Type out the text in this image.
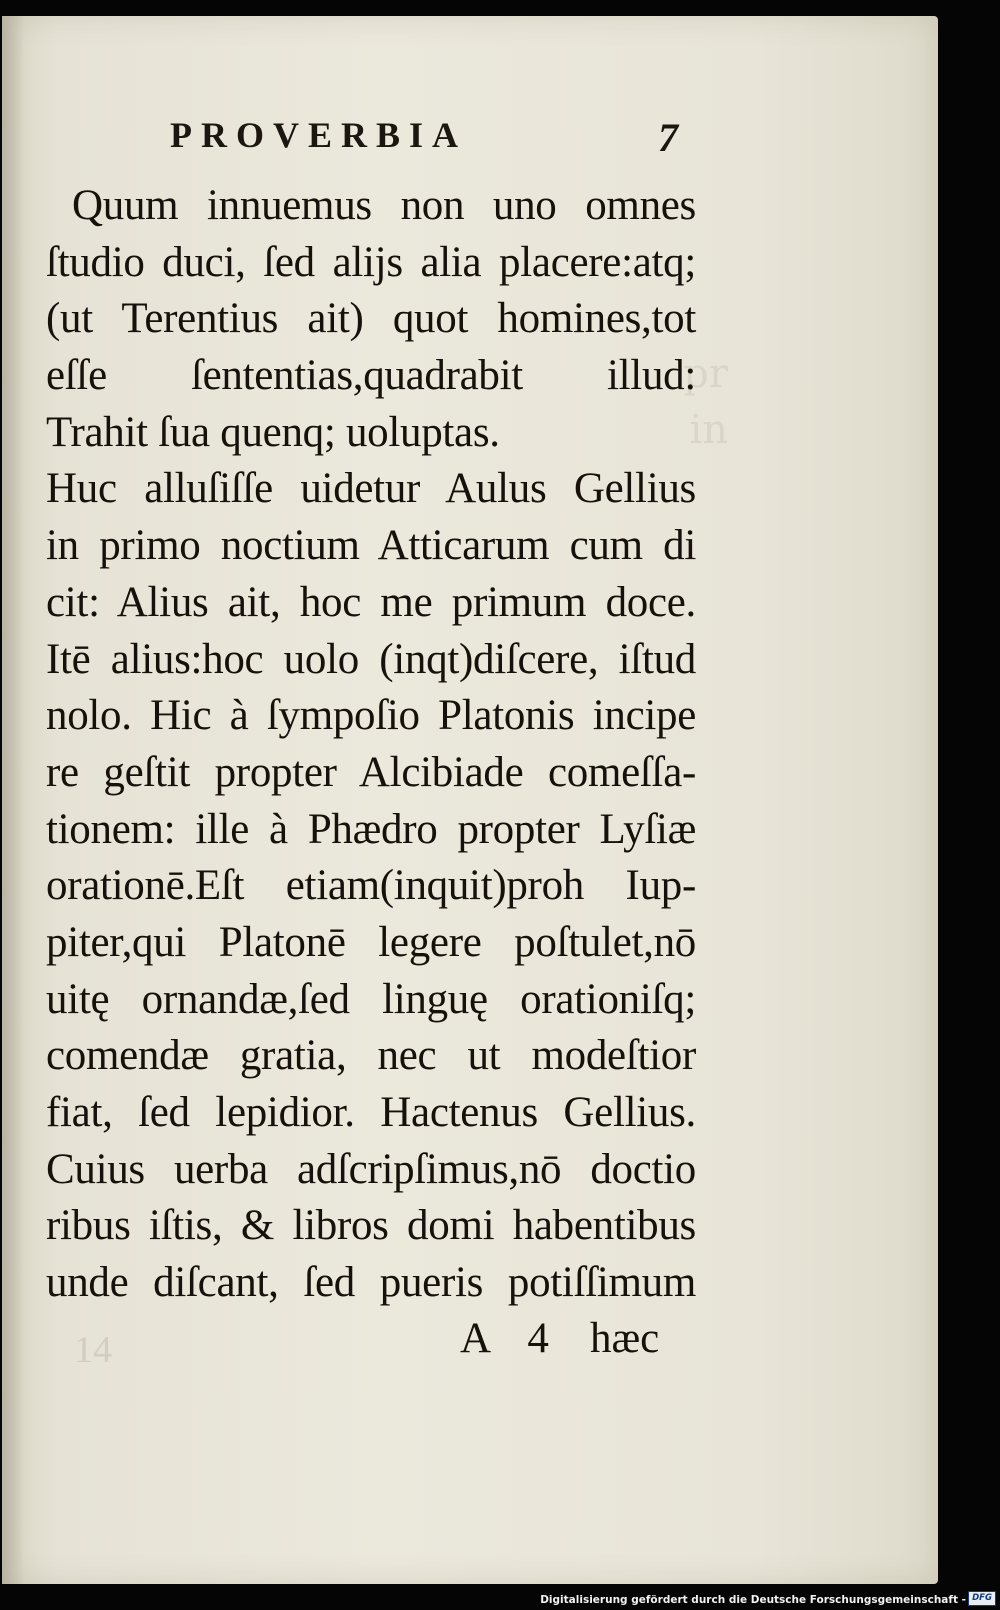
pr
in
PROVERBIA	7
Quum innuemus non uno omnes
ſtudio duci, ſed aliјs alia placere:atq;
(ut Terentius ait) quot homines,tot
eſſe ſententias,quadrabit illud:
Trahit ſua quenq; uoluptas.
Huc alluſiſſe uidetur Aulus Gellius
in primo noctium Atticarum cum di
cit: Alius ait, hoc me primum doce.
Itē alius:hoc uolo (inqt)diſcere, iſtud
nolo. Hic à ſympoſio Platonis incipe
re geſtit propter Alcibiade comeſſa-
tionem: ille à Phædro propter Lyſiæ
orationē.Eſt etiam(inquit)proh Iup-
piter,qui Platonē legere poſtulet,nō
uitę ornandæ,ſed linguę orationiſq;
comendæ gratia, nec ut modeſtior
fiat, ſed lepidior. Hactenus Gellius.
Cuius uerba adſcripſimus,nō doctio
ribus iſtis, & libros domi habentibus
unde diſcant, ſed pueris potiſſimum
14	A 4 hæc
Digitalisierung gefördert durch die Deutsche Forschungsgemeinschaft - DFG
